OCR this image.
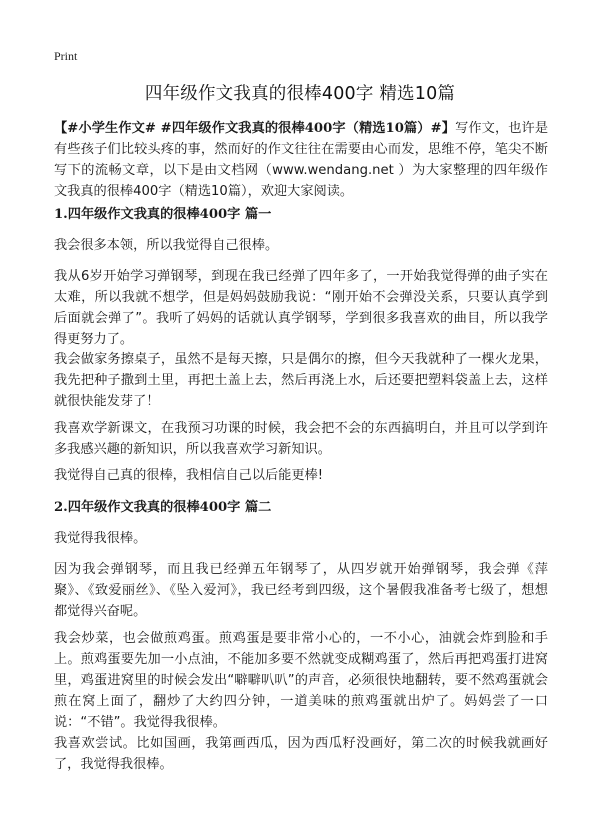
Print
四年级作文我真的很棒400字 精选10篇

【#小学生作文# #四年级作文我真的很棒400字（精选10篇）#】写作文，也许是有些孩子们比较头疼的事，然而好的作文往往在需要由心而发，思维不停，笔尖不断写下的流畅文章，以下是由文档网（www.wendang.net ）为大家整理的四年级作文我真的很棒400字（精选10篇），欢迎大家阅读。

1.四年级作文我真的很棒400字 篇一

我会很多本领，所以我觉得自己很棒。

我从6岁开始学习弹钢琴，到现在我已经弹了四年多了，一开始我觉得弹的曲子实在太难，所以我就不想学，但是妈妈鼓励我说：“刚开始不会弹没关系，只要认真学到后面就会弹了”。我听了妈妈的话就认真学钢琴，学到很多我喜欢的曲目，所以我学得更努力了。

我会做家务擦桌子，虽然不是每天擦，只是偶尔的擦，但今天我就种了一棵火龙果，我先把种子撒到土里，再把土盖上去，然后再浇上水，后还要把塑料袋盖上去，这样就很快能发芽了！

我喜欢学新课文，在我预习功课的时候，我会把不会的东西搞明白，并且可以学到许多我感兴趣的新知识，所以我喜欢学习新知识。

我觉得自己真的很棒，我相信自己以后能更棒!

2.四年级作文我真的很棒400字 篇二

我觉得我很棒。

因为我会弹钢琴，而且我已经弹五年钢琴了，从四岁就开始弹钢琴，我会弹《萍聚》、《致爱丽丝》、《坠入爱河》，我已经考到四级，这个暑假我准备考七级了，想想都觉得兴奋呢。

我会炒菜，也会做煎鸡蛋。煎鸡蛋是要非常小心的，一不小心，油就会炸到脸和手上。煎鸡蛋要先加一小点油，不能加多要不然就变成糊鸡蛋了，然后再把鸡蛋打进窝里，鸡蛋进窝里的时候会发出“噼噼叭叭”的声音，必须很快地翻转，要不然鸡蛋就会煎在窝上面了，翻炒了大约四分钟，一道美味的煎鸡蛋就出炉了。妈妈尝了一口说：“不错”。我觉得我很棒。

我喜欢尝试。比如国画，我第画西瓜，因为西瓜籽没画好，第二次的时候我就画好了，我觉得我很棒。
